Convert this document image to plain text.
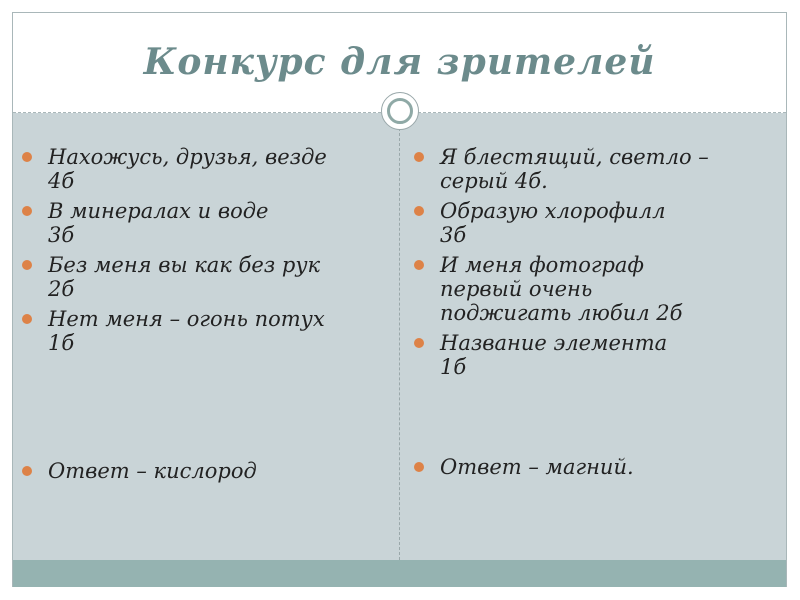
Конкурс для зрителей
Нахожусь, друзья, везде
4б
В минералах и воде
3б
Без меня вы как без рук
2б
Нет меня – огонь потух
1б
Ответ – кислород
Я блестящий, светло –
серый 4б.
Образую хлорофилл
3б
И меня фотограф
первый очень
поджигать любил 2б
Название элемента
1б
Ответ – магний.
